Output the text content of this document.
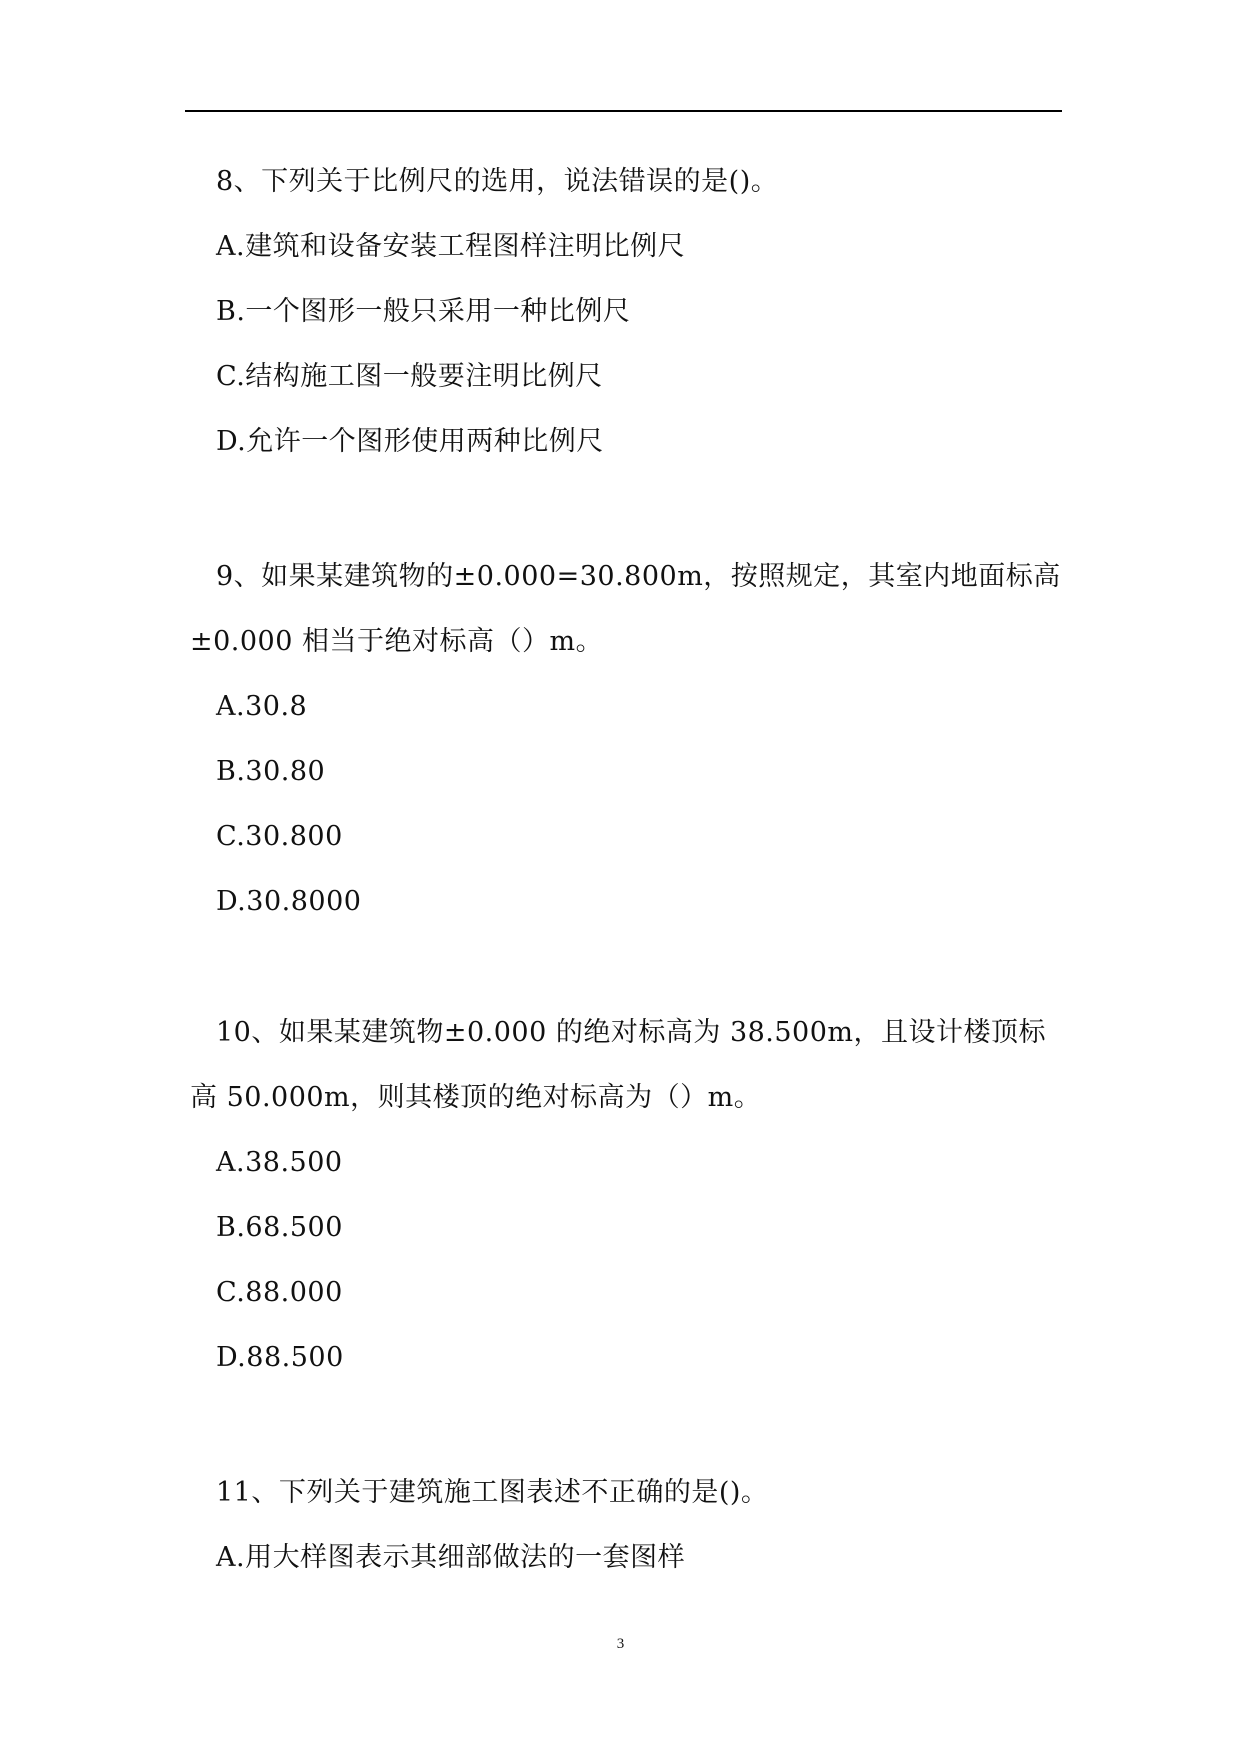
8、下列关于比例尺的选用，说法错误的是()。
A.建筑和设备安装工程图样注明比例尺
B.一个图形一般只采用一种比例尺
C.结构施工图一般要注明比例尺
D.允许一个图形使用两种比例尺
9、如果某建筑物的±0.000=30.800m，按照规定，其室内地面标高
±0.000 相当于绝对标高（）m。
A.30.8
B.30.80
C.30.800
D.30.8000
10、如果某建筑物±0.000 的绝对标高为 38.500m，且设计楼顶标
高 50.000m，则其楼顶的绝对标高为（）m。
A.38.500
B.68.500
C.88.000
D.88.500
11、下列关于建筑施工图表述不正确的是()。
A.用大样图表示其细部做法的一套图样
3
